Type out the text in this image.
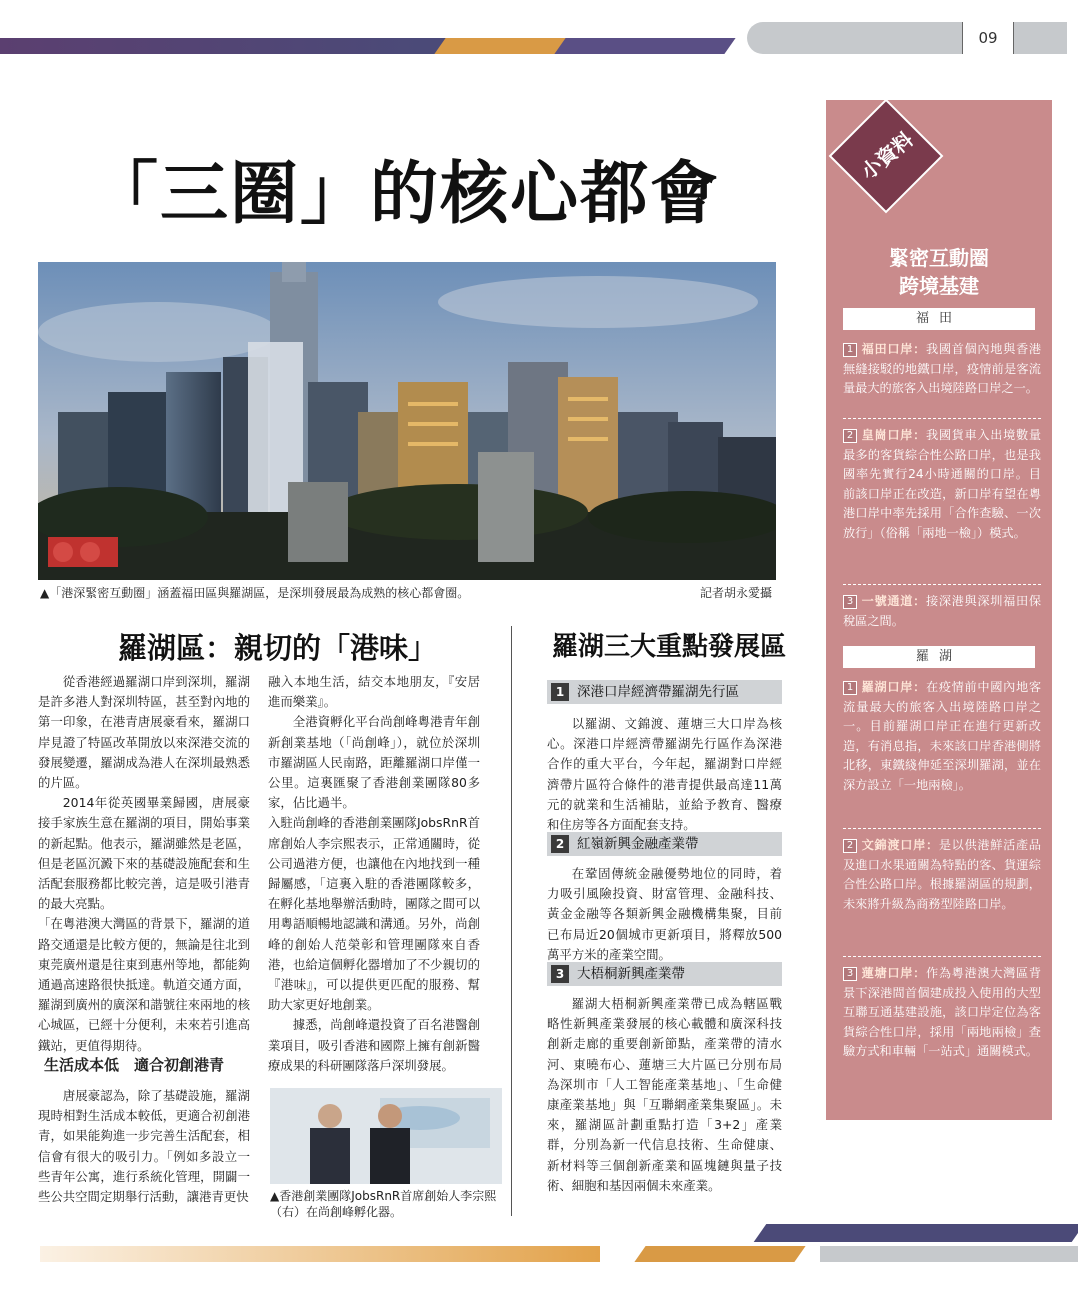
09
「三圈」的核心都會
▲「港深緊密互動圈」涵蓋福田區與羅湖區，是深圳發展最為成熟的核心都會圈。	記者胡永愛攝
羅湖區：親切的「港味」

從香港經過羅湖口岸到深圳，羅湖是許多港人對深圳特區，甚至對內地的第一印象，在港青唐展豪看來，羅湖口岸見證了特區改革開放以來深港交流的發展變遷，羅湖成為港人在深圳最熟悉的片區。

2014年從英國畢業歸國，唐展豪接手家族生意在羅湖的項目，開始事業的新起點。他表示，羅湖雖然是老區，但是老區沉澱下來的基礎設施配套和生活配套服務都比較完善，這是吸引港青的最大亮點。

「在粵港澳大灣區的背景下，羅湖的道路交通還是比較方便的，無論是往北到東莞廣州還是往東到惠州等地，都能夠通過高速路很快抵達。軌道交通方面，羅湖到廣州的廣深和諧號往來兩地的核心城區，已經十分便利，未來若引進高鐵站，更值得期待。

生活成本低　適合初創港青

唐展豪認為，除了基礎設施，羅湖現時相對生活成本較低，更適合初創港青，如果能夠進一步完善生活配套，相信會有很大的吸引力。「例如多設立一些青年公寓，進行系統化管理，開闢一些公共空間定期舉行活動，讓港青更快

融入本地生活，結交本地朋友，『安居進而樂業』。

全港資孵化平台尚創峰粵港青年創新創業基地（「尚創峰」），就位於深圳市羅湖區人民南路，距離羅湖口岸僅一公里。這裏匯聚了香港創業團隊80多家，佔比過半。

入駐尚創峰的香港創業團隊JobsRnR首席創始人李宗熙表示，正常通關時，從公司過港方便，也讓他在內地找到一種歸屬感，「這裏入駐的香港團隊較多，在孵化基地舉辦活動時，團隊之間可以用粵語順暢地認識和溝通。另外，尚創峰的創始人范榮彰和管理團隊來自香港，也給這個孵化器增加了不少親切的『港味』，可以提供更匹配的服務、幫助大家更好地創業。

據悉，尚創峰還投資了百名港醫創業項目，吸引香港和國際上擁有創新醫療成果的科研團隊落戶深圳發展。

▲香港創業團隊JobsRnR首席創始人李宗熙（右）在尚創峰孵化器。
羅湖三大重點發展區
1 深港口岸經濟帶羅湖先行區

以羅湖、文錦渡、蓮塘三大口岸為核心。深港口岸經濟帶羅湖先行區作為深港合作的重大平台，今年起，羅湖對口岸經濟帶片區符合條件的港青提供最高達11萬元的就業和生活補貼，並給予教育、醫療和住房等各方面配套支持。

2 紅嶺新興金融產業帶

在鞏固傳統金融優勢地位的同時，着力吸引風險投資、財富管理、金融科技、黃金金融等各類新興金融機構集聚，目前已布局近20個城市更新項目，將釋放500萬平方米的產業空間。

3 大梧桐新興產業帶

羅湖大梧桐新興產業帶已成為轄區戰略性新興產業發展的核心載體和廣深科技創新走廊的重要創新節點，產業帶的清水河、東曉布心、蓮塘三大片區已分別布局為深圳市「人工智能產業基地」、「生命健康產業基地」與「互聯網產業集聚區」。未來，羅湖區計劃重點打造「3+2」產業群，分別為新一代信息技術、生命健康、新材料等三個創新產業和區塊鏈與量子技術、細胞和基因兩個未來產業。

小資料
緊密互動圈
跨境基建
福田
1 福田口岸：我國首個內地與香港無縫接駁的地鐵口岸，疫情前是客流量最大的旅客入出境陸路口岸之一。
2 皇崗口岸：我國貨車入出境數量最多的客貨綜合性公路口岸，也是我國率先實行24小時通關的口岸。目前該口岸正在改造，新口岸有望在粵港口岸中率先採用「合作查驗、一次放行」（俗稱「兩地一檢」）模式。
3 一號通道：接深港與深圳福田保稅區之間。
羅湖
1 羅湖口岸：在疫情前中國內地客流量最大的旅客入出境陸路口岸之一。目前羅湖口岸正在進行更新改造，有消息指，未來該口岸香港側將北移，東鐵綫伸延至深圳羅湖，並在深方設立「一地兩檢」。
2 文錦渡口岸：是以供港鮮活產品及進口水果通關為特點的客、貨運綜合性公路口岸。根據羅湖區的規劃，未來將升級為商務型陸路口岸。
3 蓮塘口岸：作為粵港澳大灣區背景下深港間首個建成投入使用的大型互聯互通基建設施，該口岸定位為客貨綜合性口岸，採用「兩地兩檢」查驗方式和車輛「一站式」通關模式。
